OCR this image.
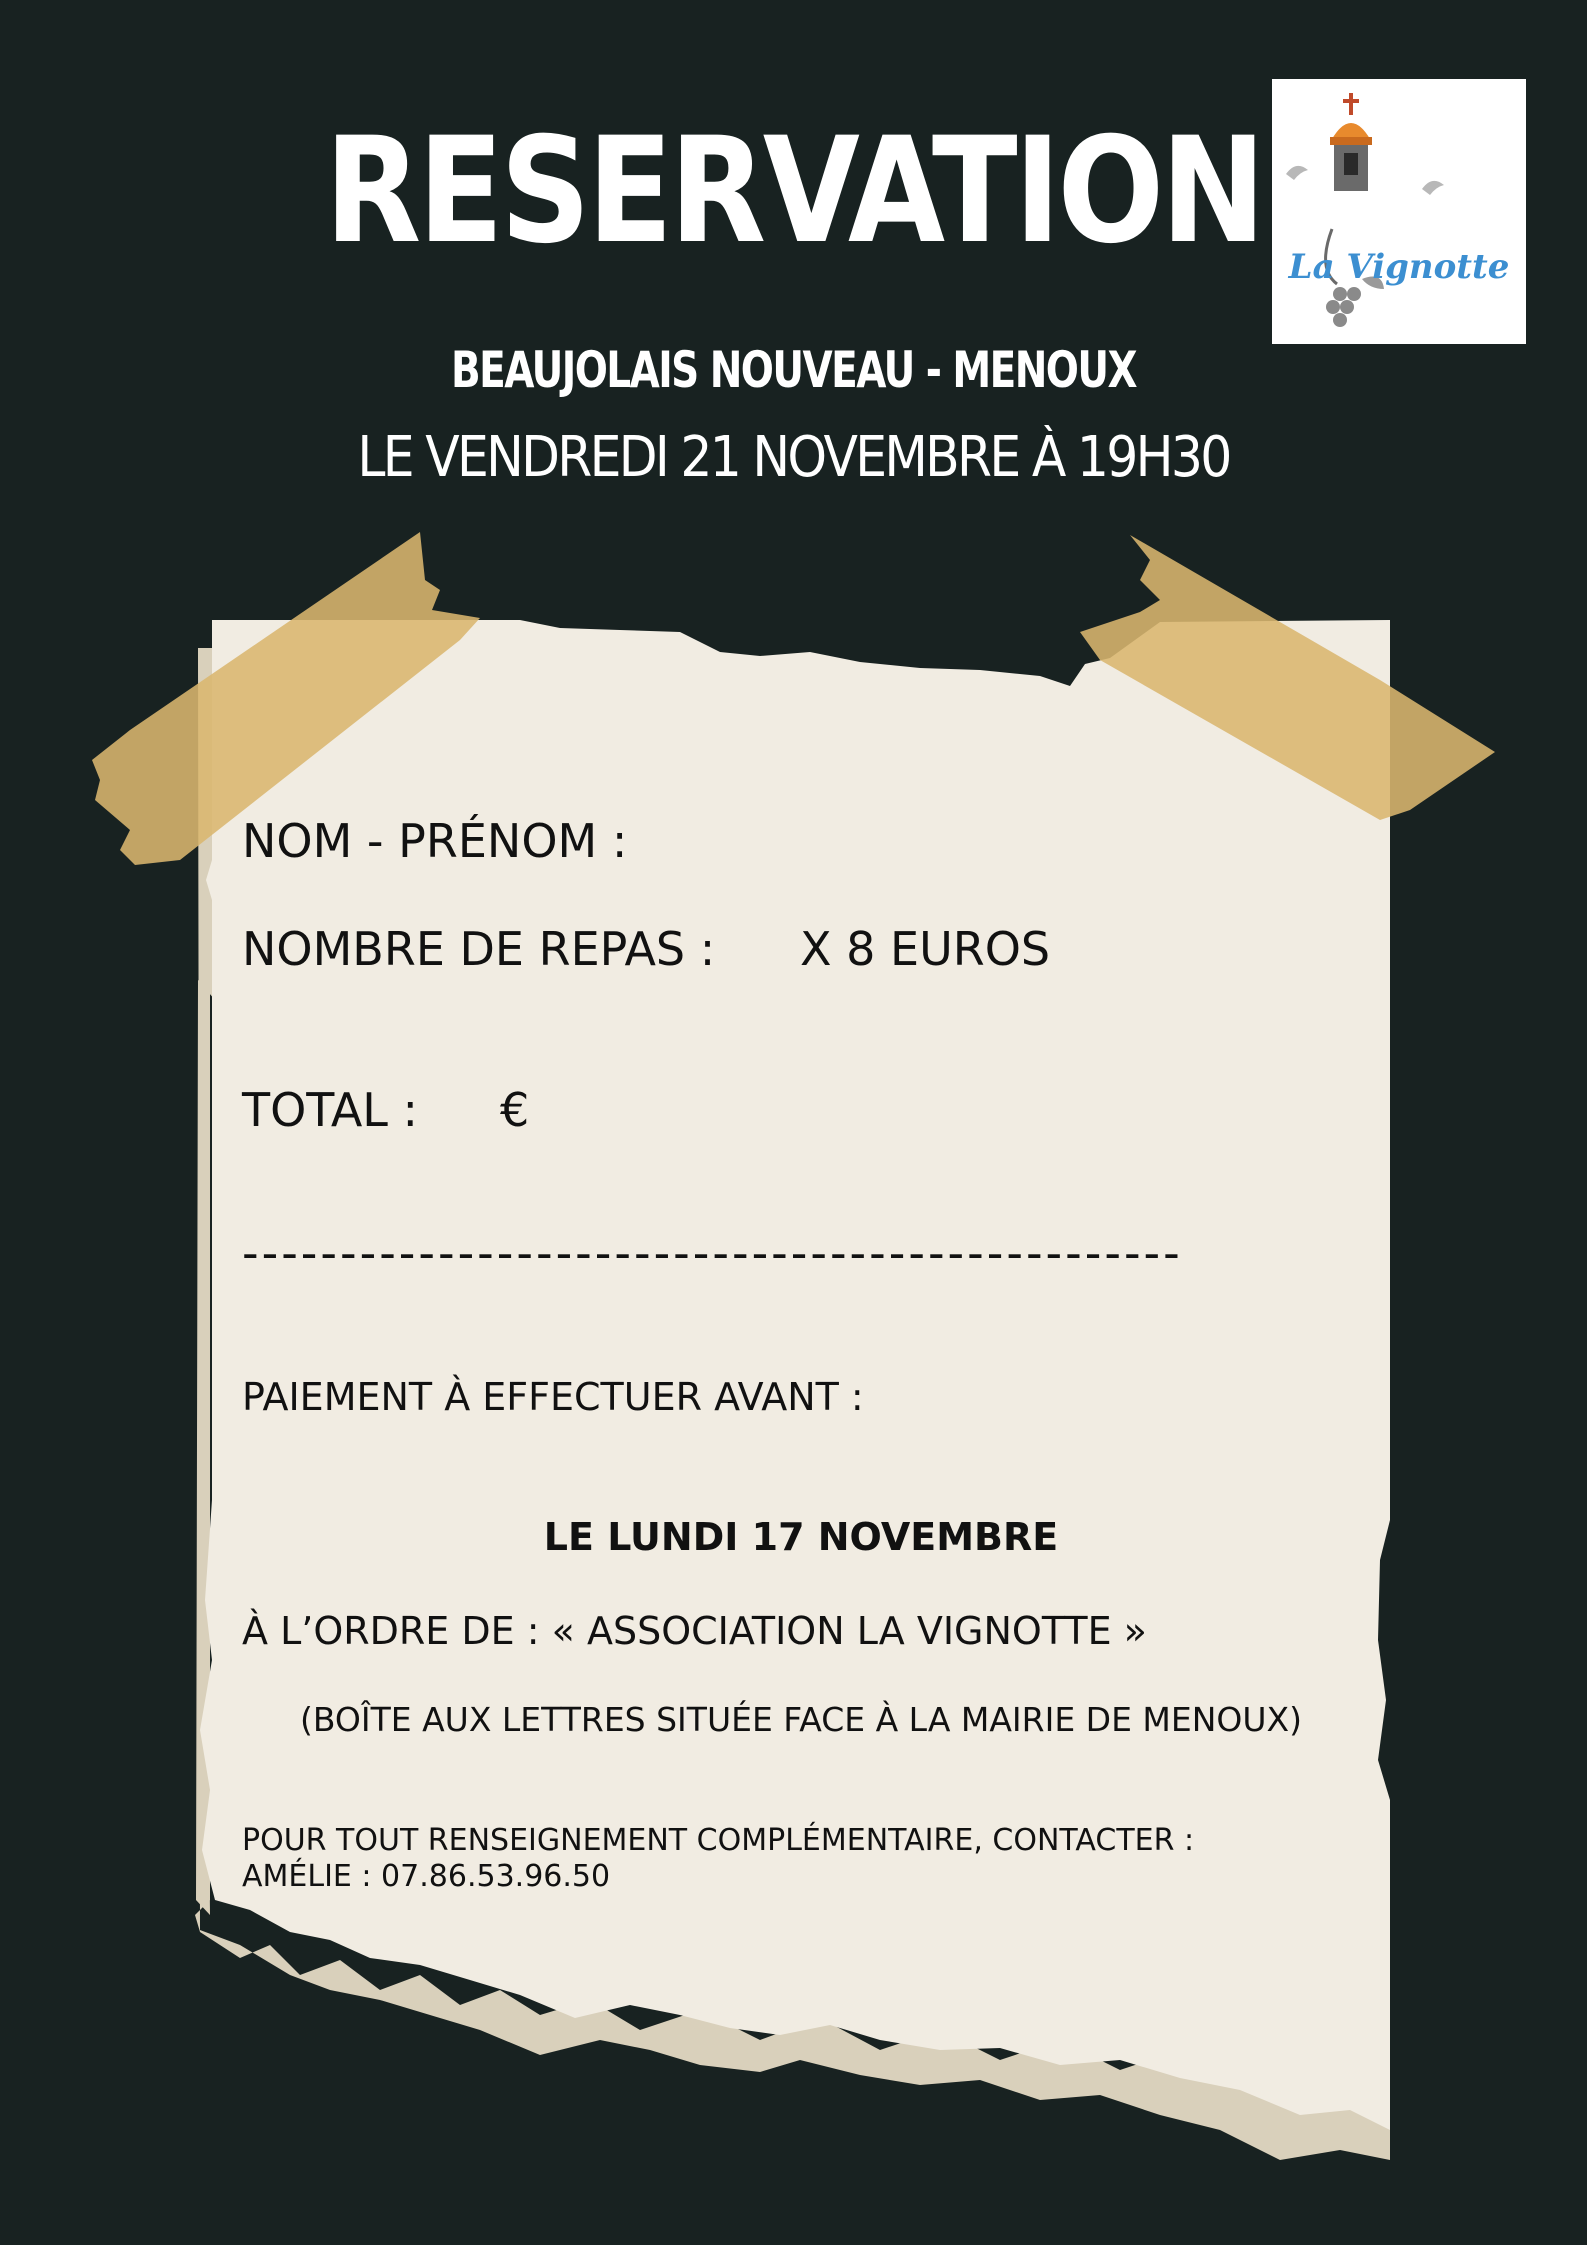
RESERVATION
BEAUJOLAIS NOUVEAU - MENOUX
LE VENDREDI 21 NOVEMBRE À 19H30
La Vignotte
NOM - PRÉNOM :
NOMBRE DE REPAS : X 8 EUROS
TOTAL : €
------------------------------------------------
PAIEMENT À EFFECTUER AVANT :
LE LUNDI 17 NOVEMBRE
À L’ORDRE DE : « ASSOCIATION LA VIGNOTTE »
(BOÎTE AUX LETTRES SITUÉE FACE À LA MAIRIE DE MENOUX)
POUR TOUT RENSEIGNEMENT COMPLÉMENTAIRE, CONTACTER :
AMÉLIE : 07.86.53.96.50
